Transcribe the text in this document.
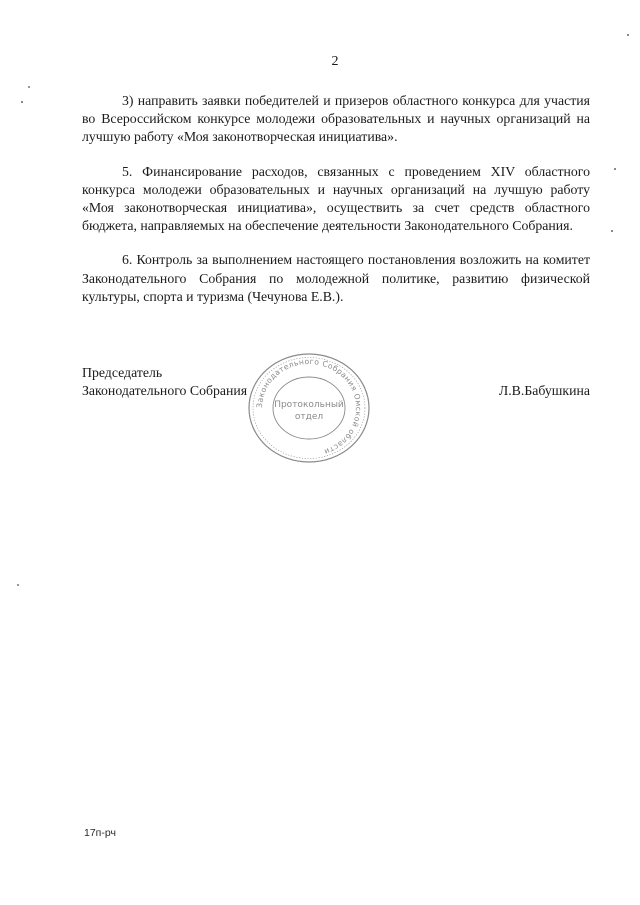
2

3) направить заявки победителей и призеров областного конкурса для участия во Всероссийском конкурсе молодежи образовательных и научных организаций на лучшую работу «Моя законотворческая инициатива».

5. Финансирование расходов, связанных с проведением XIV областного конкурса молодежи образовательных и научных организаций на лучшую работу «Моя законотворческая инициатива», осуществить за счет средств областного бюджета, направляемых на обеспечение деятельности Законодательного Собрания.

6. Контроль за выполнением настоящего постановления возложить на комитет Законодательного Собрания по молодежной политике, развитию физической культуры, спорта и туризма (Чечунова Е.В.).

Председатель
Законодательного Собрания	Л.В.Бабушкина
Законодательного Собрания Омской области
Протокольный
отдел
17п-рч
